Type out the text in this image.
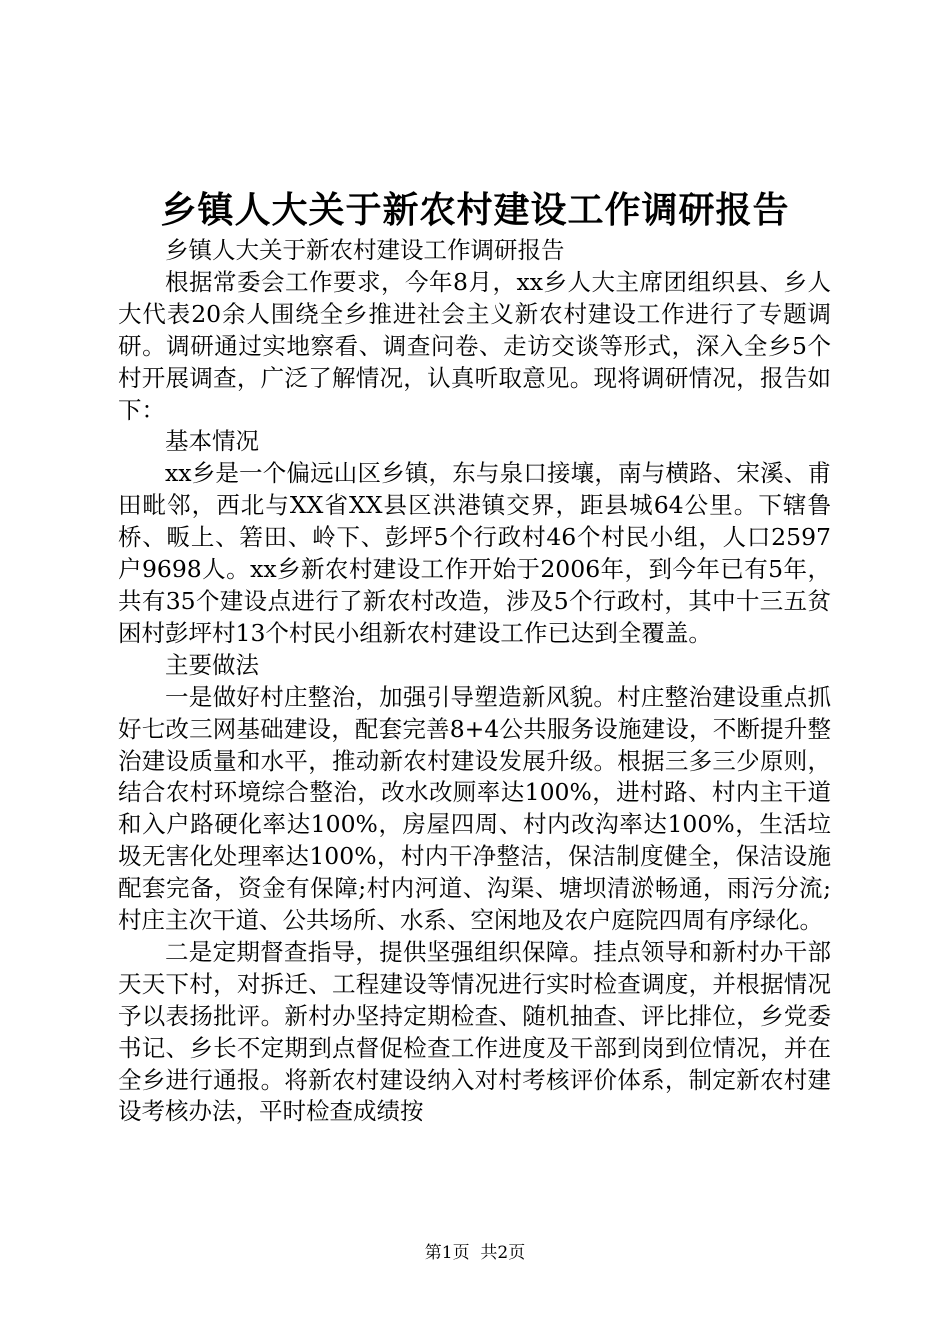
乡镇人大关于新农村建设工作调研报告

乡镇人大关于新农村建设工作调研报告

根据常委会工作要求，今年8月，xx乡人大主席团组织县、乡人大代表20余人围绕全乡推进社会主义新农村建设工作进行了专题调研。调研通过实地察看、调查问卷、走访交谈等形式，深入全乡5个村开展调查，广泛了解情况，认真听取意见。现将调研情况，报告如下：

基本情况

xx乡是一个偏远山区乡镇，东与泉口接壤，南与横路、宋溪、甫田毗邻，西北与XX省XX县区洪港镇交界，距县城64公里。下辖鲁桥、畈上、箬田、岭下、彭坪5个行政村46个村民小组，人口2597户9698人。xx乡新农村建设工作开始于2006年，到今年已有5年，共有35个建设点进行了新农村改造，涉及5个行政村，其中十三五贫困村彭坪村13个村民小组新农村建设工作已达到全覆盖。

主要做法

一是做好村庄整治，加强引导塑造新风貌。村庄整治建设重点抓好七改三网基础建设，配套完善8+4公共服务设施建设，不断提升整治建设质量和水平，推动新农村建设发展升级。根据三多三少原则，结合农村环境综合整治，改水改厕率达100%，进村路、村内主干道和入户路硬化率达100%，房屋四周、村内改沟率达100%，生活垃圾无害化处理率达100%，村内干净整洁，保洁制度健全，保洁设施配套完备，资金有保障;村内河道、沟渠、塘坝清淤畅通，雨污分流;村庄主次干道、公共场所、水系、空闲地及农户庭院四周有序绿化。

二是定期督查指导，提供坚强组织保障。挂点领导和新村办干部天天下村，对拆迁、工程建设等情况进行实时检查调度，并根据情况予以表扬批评。新村办坚持定期检查、随机抽查、评比排位，乡党委书记、乡长不定期到点督促检查工作进度及干部到岗到位情况，并在全乡进行通报。将新农村建设纳入对村考核评价体系，制定新农村建设考核办法，平时检查成绩按

第1页  共2页
